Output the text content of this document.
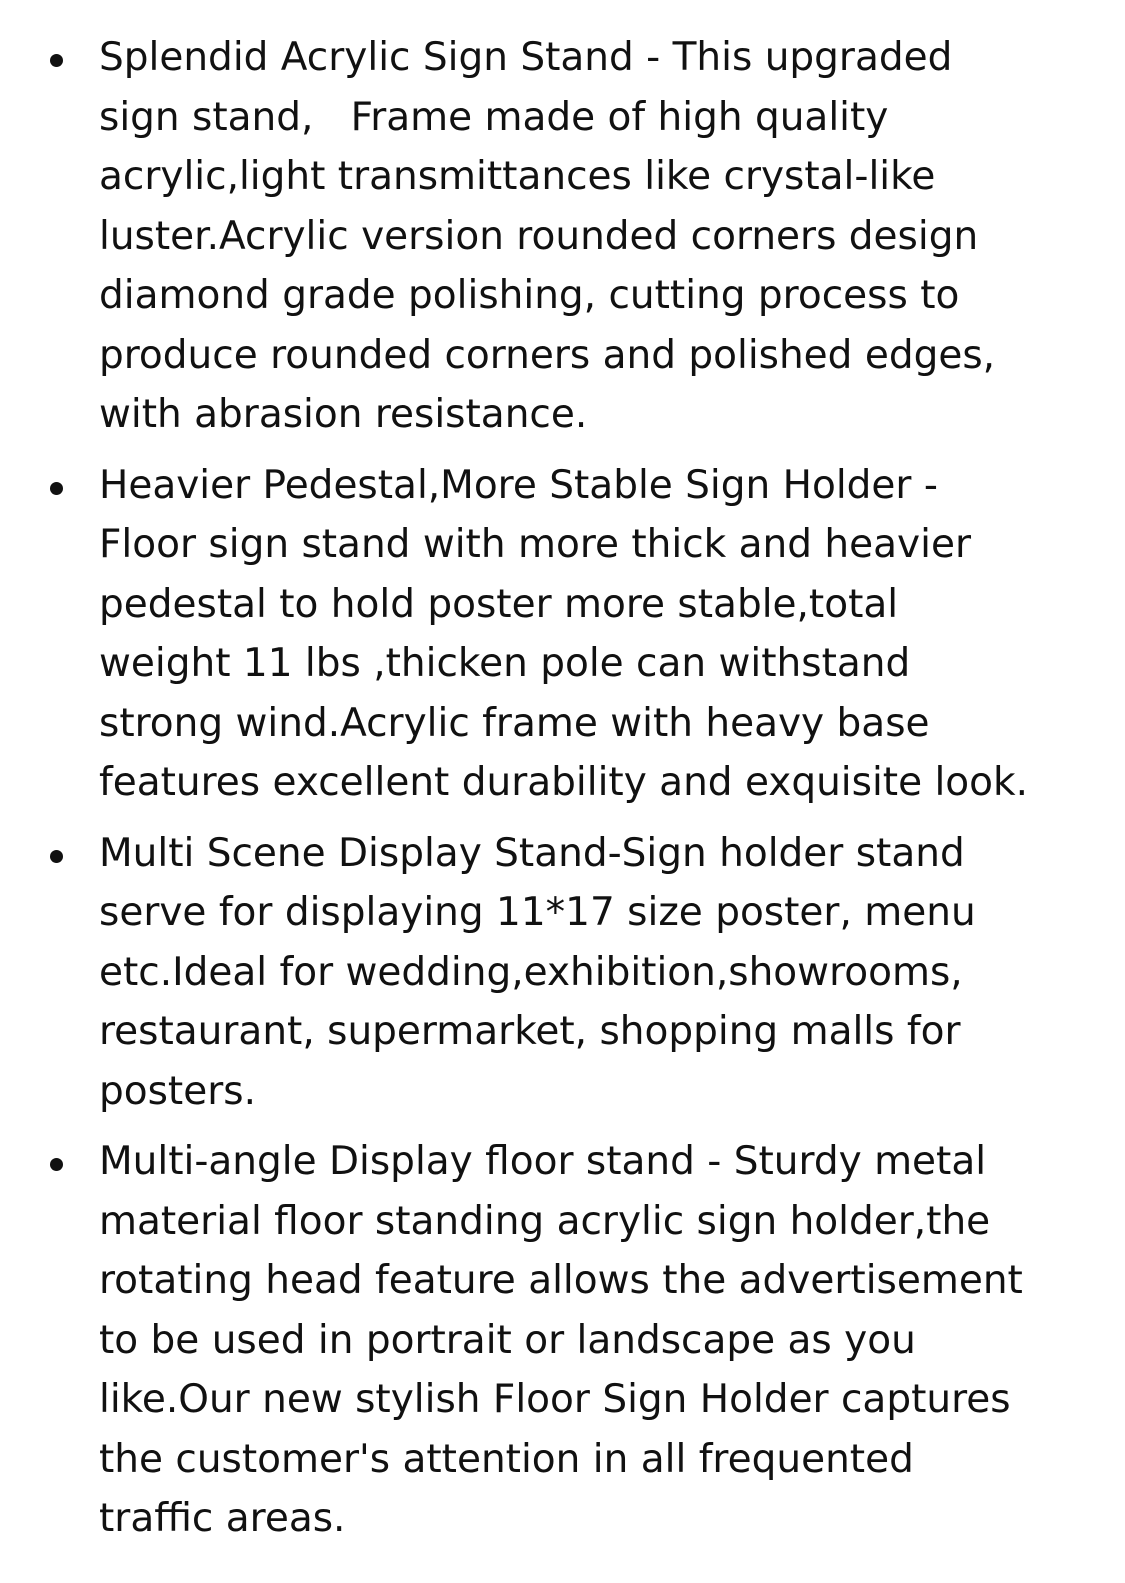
Splendid Acrylic Sign Stand - This upgraded
sign stand,   Frame made of high quality
acrylic,light transmittances like crystal-like
luster.Acrylic version rounded corners design
diamond grade polishing, cutting process to
produce rounded corners and polished edges,
with abrasion resistance.
Heavier Pedestal,More Stable Sign Holder -
Floor sign stand with more thick and heavier
pedestal to hold poster more stable,total
weight 11 lbs ,thicken pole can withstand
strong wind.Acrylic frame with heavy base
features excellent durability and exquisite look.
Multi Scene Display Stand-Sign holder stand
serve for displaying 11*17 size poster, menu
etc.Ideal for wedding,exhibition,showrooms,
restaurant, supermarket, shopping malls for
posters.
Multi-angle Display floor stand - Sturdy metal
material floor standing acrylic sign holder,the
rotating head feature allows the advertisement
to be used in portrait or landscape as you
like.Our new stylish Floor Sign Holder captures
the customer's attention in all frequented
traffic areas.
